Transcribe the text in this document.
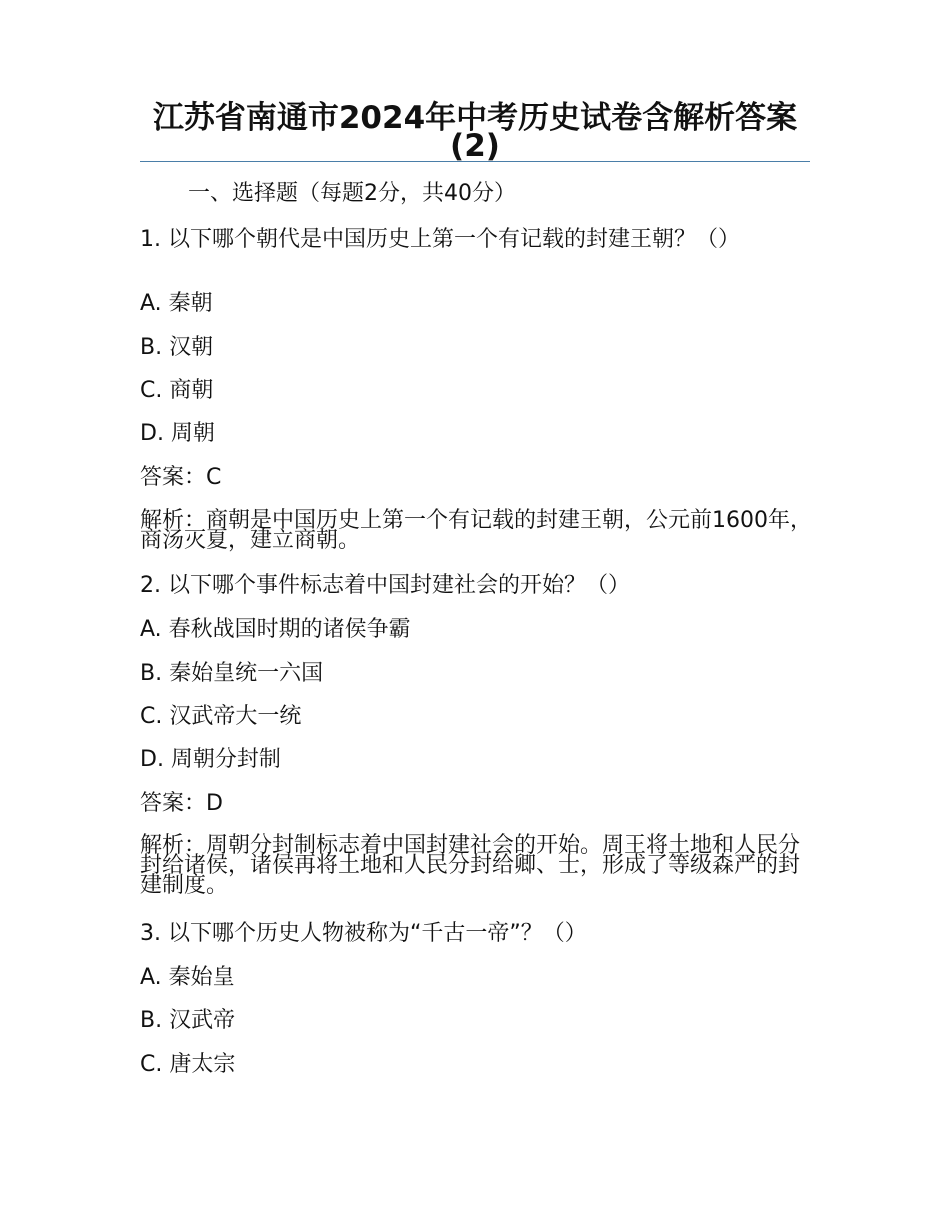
江苏省南通市2024年中考历史试卷含解析答案(2)
一、选择题（每题2分，共40分）
1. 以下哪个朝代是中国历史上第一个有记载的封建王朝？（）
A. 秦朝
B. 汉朝
C. 商朝
D. 周朝
答案：C
解析：商朝是中国历史上第一个有记载的封建王朝，公元前1600年，商汤灭夏，建立商朝。
2. 以下哪个事件标志着中国封建社会的开始？（）
A. 春秋战国时期的诸侯争霸
B. 秦始皇统一六国
C. 汉武帝大一统
D. 周朝分封制
答案：D
解析：周朝分封制标志着中国封建社会的开始。周王将土地和人民分封给诸侯，诸侯再将土地和人民分封给卿、士，形成了等级森严的封建制度。
3. 以下哪个历史人物被称为“千古一帝”？（）
A. 秦始皇
B. 汉武帝
C. 唐太宗
